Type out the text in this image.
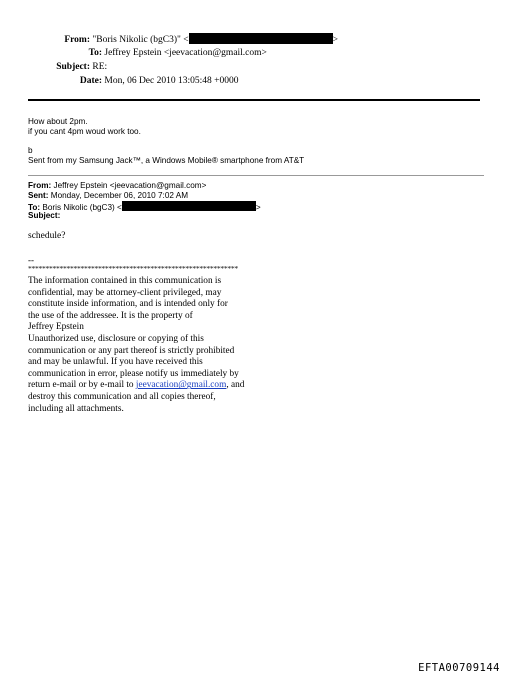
From: "Boris Nikolic (bgC3)" <	>
To: Jeffrey Epstein <jeevacation@gmail.com>
Subject: RE:
Date: Mon, 06 Dec 2010 13:05:48 +0000
How about 2pm.
if you cant 4pm woud work too.
b
Sent from my Samsung Jack™, a Windows Mobile® smartphone from AT&T
From: Jeffrey Epstein <jeevacation@gmail.com>
Sent: Monday, December 06, 2010 7:02 AM
To: Boris Nikolic (bgC3) <	>
Subject:
schedule?
--
************************************************************
The information contained in this communication is
confidential, may be attorney-client privileged, may
constitute inside information, and is intended only for
the use of the addressee. It is the property of
Jeffrey Epstein
Unauthorized use, disclosure or copying of this
communication or any part thereof is strictly prohibited
and may be unlawful. If you have received this
communication in error, please notify us immediately by
return e-mail or by e-mail to jeevacation@gmail.com, and
destroy this communication and all copies thereof,
including all attachments.
EFTA00709144
